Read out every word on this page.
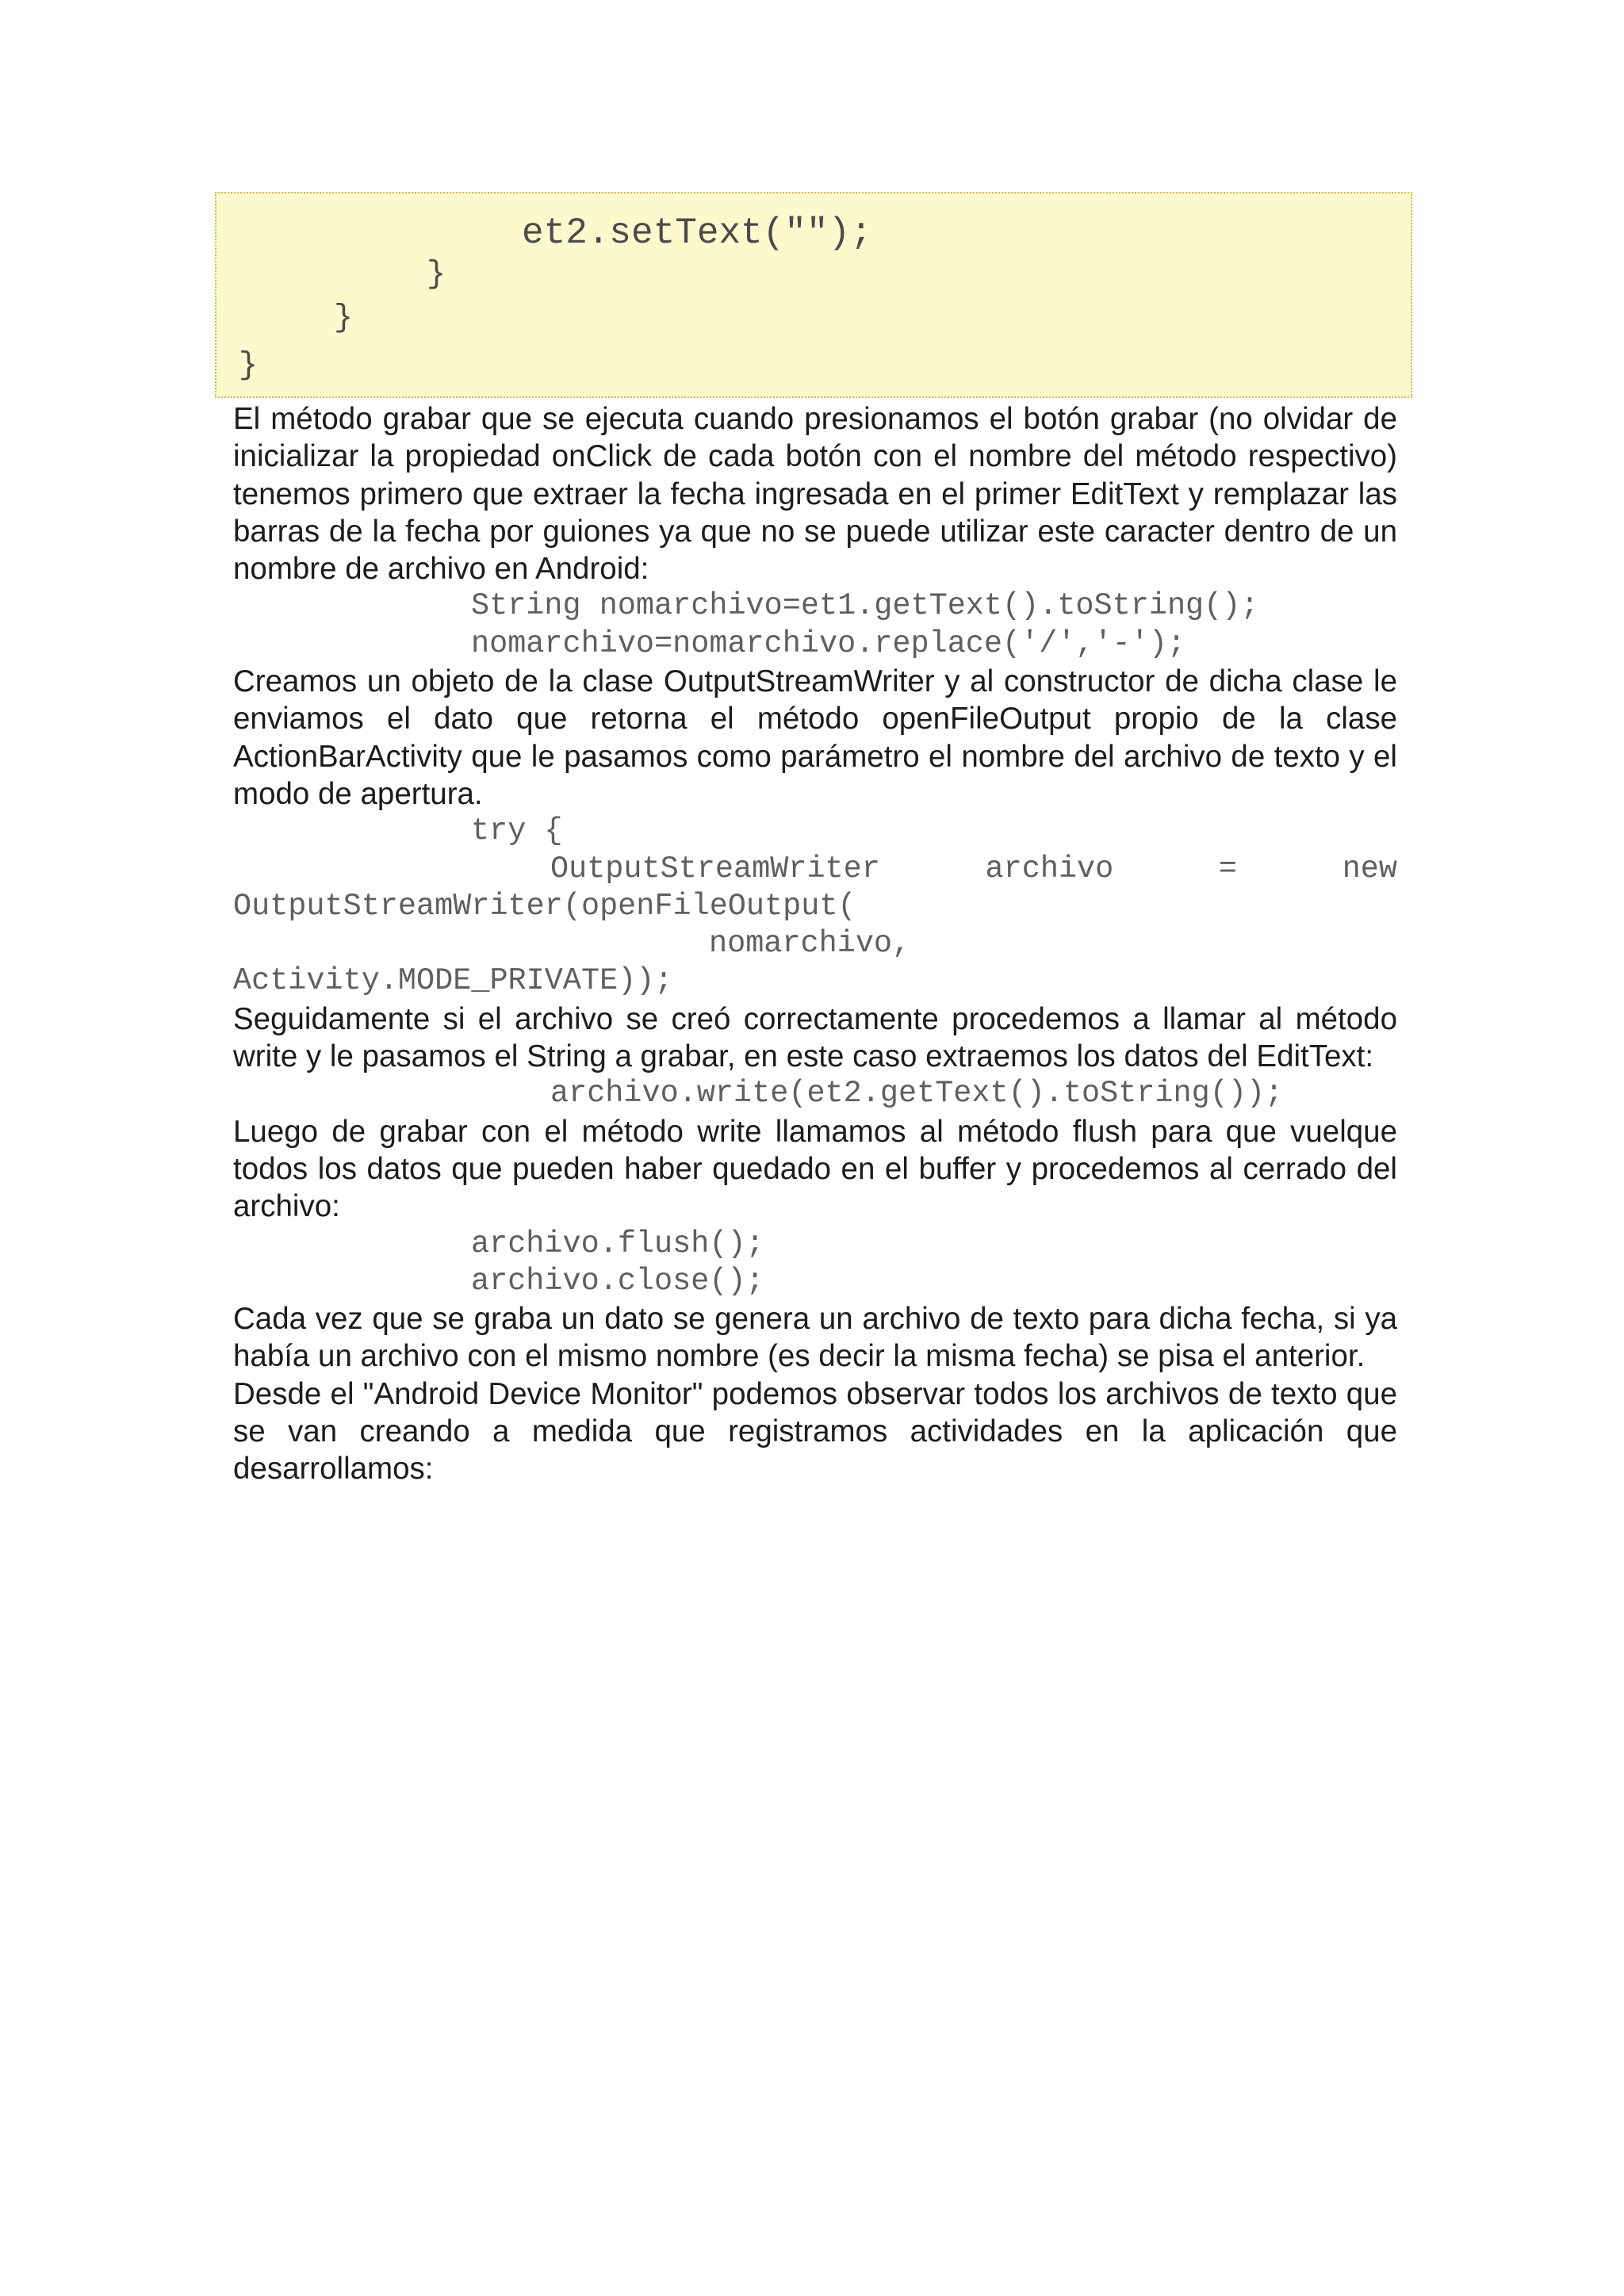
et2.setText("");
}
}
}

El método grabar que se ejecuta cuando presionamos el botón grabar (no olvidar de inicializar la propiedad onClick de cada botón con el nombre del método respectivo) tenemos primero que extraer la fecha ingresada en el primer EditText y remplazar las barras de la fecha por guiones ya que no se puede utilizar este caracter dentro de un nombre de archivo en Android:

String nomarchivo=et1.getText().toString();
nomarchivo=nomarchivo.replace('/','-');

Creamos un objeto de la clase OutputStreamWriter y al constructor de dicha clase le enviamos el dato que retorna el método openFileOutput propio de la clase ActionBarActivity que le pasamos como parámetro el nombre del archivo de texto y el modo de apertura.

try {
OutputStreamWriter	archivo	=	new
OutputStreamWriter(openFileOutput(
nomarchivo,
Activity.MODE_PRIVATE));

Seguidamente si el archivo se creó correctamente procedemos a llamar al método write y le pasamos el String a grabar, en este caso extraemos los datos del EditText:

archivo.write(et2.getText().toString());

Luego de grabar con el método write llamamos al método flush para que vuelque todos los datos que pueden haber quedado en el buffer y procedemos al cerrado del archivo:

archivo.flush();
archivo.close();

Cada vez que se graba un dato se genera un archivo de texto para dicha fecha, si ya había un archivo con el mismo nombre (es decir la misma fecha) se pisa el anterior.

Desde el "Android Device Monitor" podemos observar todos los archivos de texto que se van creando a medida que registramos actividades en la aplicación que desarrollamos:
